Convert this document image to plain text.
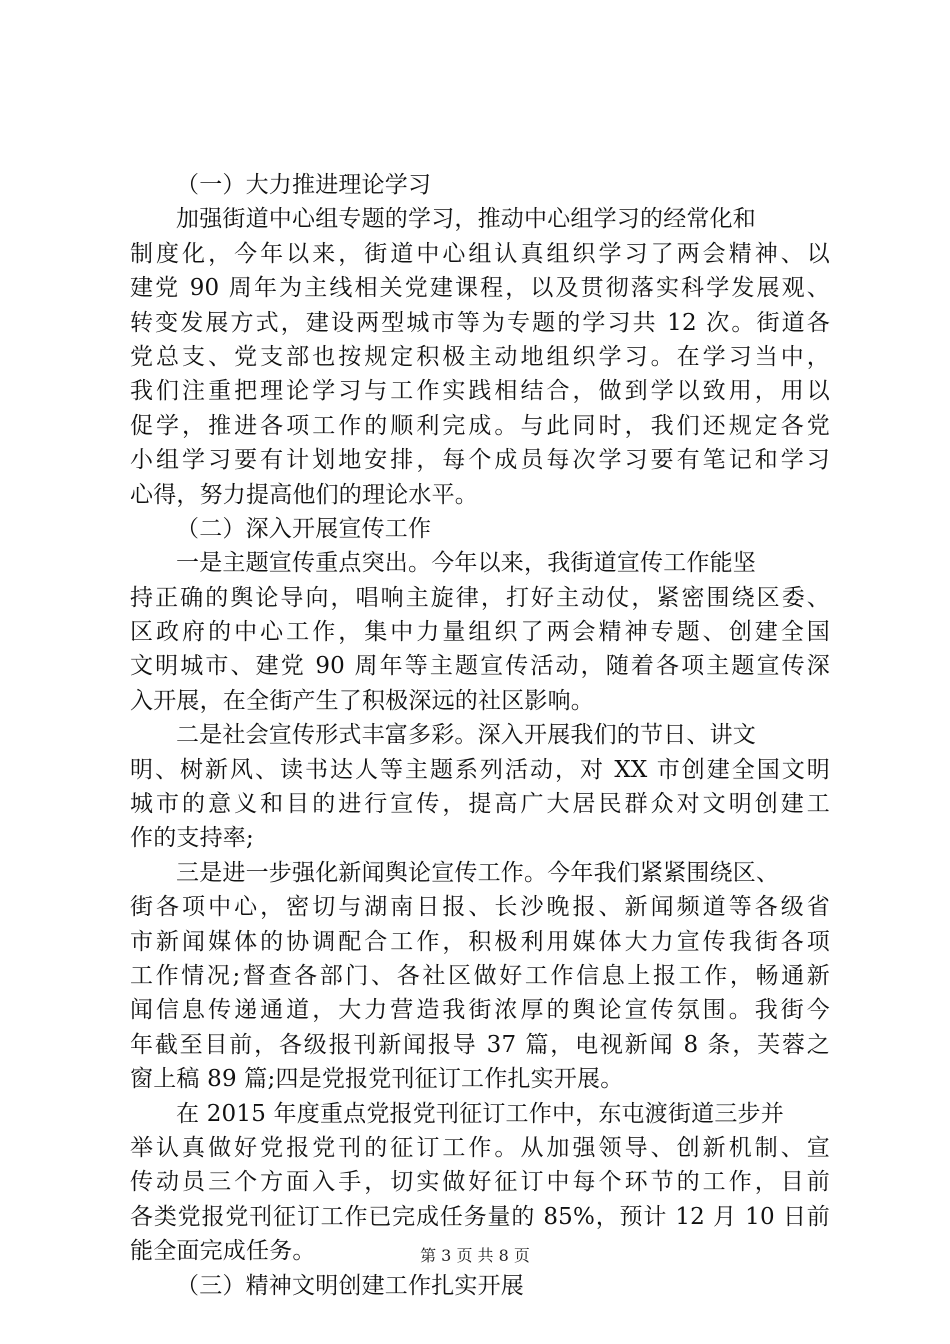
（一）大力推进理论学习
加强街道中心组专题的学习，推动中心组学习的经常化和
制度化，今年以来，街道中心组认真组织学习了两会精神、以
建党 90 周年为主线相关党建课程，以及贯彻落实科学发展观、
转变发展方式，建设两型城市等为专题的学习共 12 次。街道各
党总支、党支部也按规定积极主动地组织学习。在学习当中，
我们注重把理论学习与工作实践相结合，做到学以致用，用以
促学，推进各项工作的顺利完成。与此同时，我们还规定各党
小组学习要有计划地安排，每个成员每次学习要有笔记和学习
心得，努力提高他们的理论水平。
（二）深入开展宣传工作
一是主题宣传重点突出。今年以来，我街道宣传工作能坚
持正确的舆论导向，唱响主旋律，打好主动仗，紧密围绕区委、
区政府的中心工作，集中力量组织了两会精神专题、创建全国
文明城市、建党 90 周年等主题宣传活动，随着各项主题宣传深
入开展，在全街产生了积极深远的社区影响。
二是社会宣传形式丰富多彩。深入开展我们的节日、讲文
明、树新风、读书达人等主题系列活动，对 XX 市创建全国文明
城市的意义和目的进行宣传，提高广大居民群众对文明创建工
作的支持率;
三是进一步强化新闻舆论宣传工作。今年我们紧紧围绕区、
街各项中心，密切与湖南日报、长沙晚报、新闻频道等各级省
市新闻媒体的协调配合工作，积极利用媒体大力宣传我街各项
工作情况;督查各部门、各社区做好工作信息上报工作，畅通新
闻信息传递通道，大力营造我街浓厚的舆论宣传氛围。我街今
年截至目前，各级报刊新闻报导 37 篇，电视新闻 8 条，芙蓉之
窗上稿 89 篇;四是党报党刊征订工作扎实开展。
在 2015 年度重点党报党刊征订工作中，东屯渡街道三步并
举认真做好党报党刊的征订工作。从加强领导、创新机制、宣
传动员三个方面入手，切实做好征订中每个环节的工作，目前
各类党报党刊征订工作已完成任务量的 85%，预计 12 月 10 日前
能全面完成任务。
（三）精神文明创建工作扎实开展
第 3 页 共 8 页
